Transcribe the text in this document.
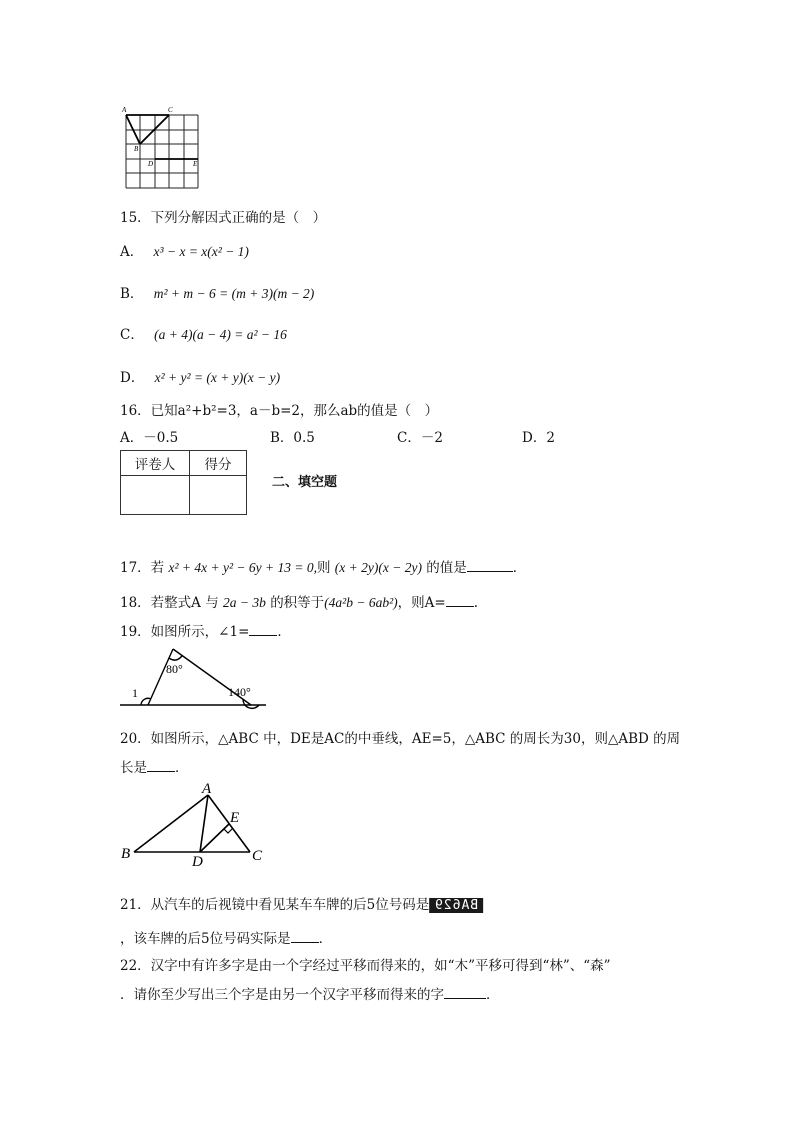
A	C
B
D	E
15．下列分解因式正确的是（　）
A． x³ − x = x(x² − 1)
B． m² + m − 6 = (m + 3)(m − 2)
C． (a + 4)(a − 4) = a² − 16
D． x² + y² = (x + y)(x − y)
16．已知a²+b²=3，a－b=2，那么ab的值是（　）
A．－0.5	B．0.5	C．－2	D．2
评卷人	得分

二、填空题
17．若 x² + 4x + y² − 6y + 13 = 0,则 (x + 2y)(x − 2y) 的值是	．
18．若整式A 与 2a − 3b 的积等于(4a²b − 6ab²)，则A= .
19．如图所示，∠1= ．
80°
1	140°
20．如图所示，△ABC 中，DE是AC的中垂线，AE=5，△ABC 的周长为30，则△ABD 的周
长是 ．
A
B	C
D
E
21．从汽车的后视镜中看见某车车牌的后5位号码是 BA629
，该车牌的后5位号码实际是 ．
22．汉字中有许多字是由一个字经过平移而得来的，如“木”平移可得到“林”、“森”
．请你至少写出三个字是由另一个汉字平移而得来的字	．
